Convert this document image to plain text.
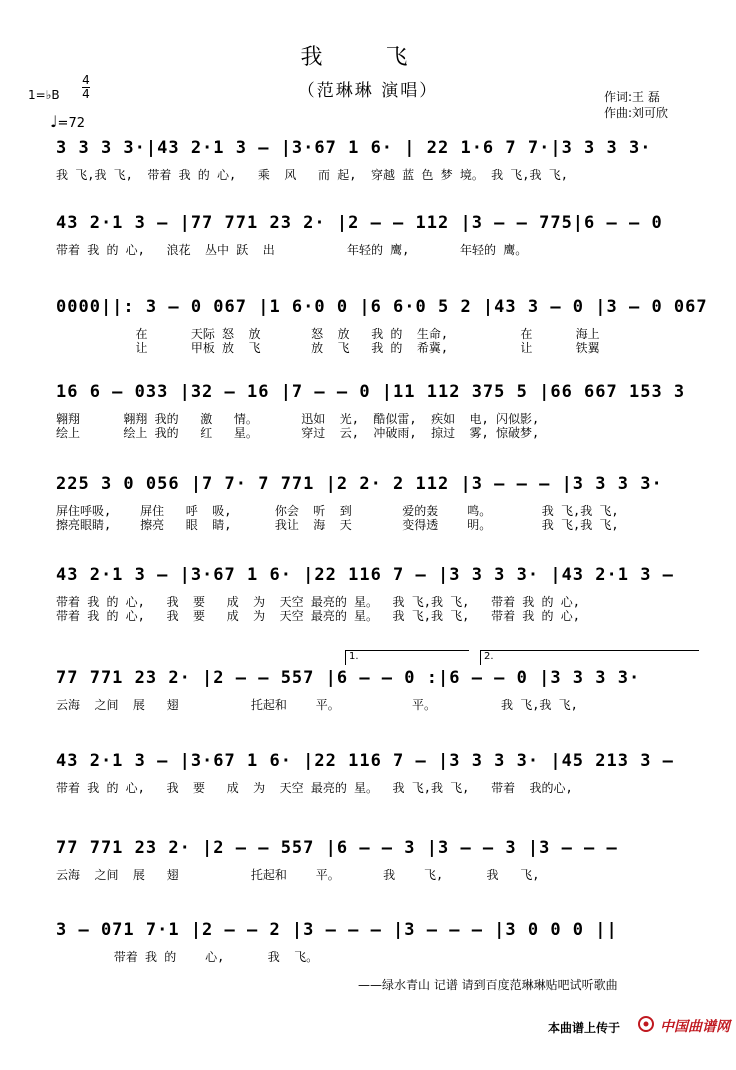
我 飞
（范琳琳 演唱）	作词:王 磊
作曲:刘可欣
1=♭B
4
4
♩=72
3 3 3 3·|43 2·1 3 – |3·67 1 6· | 22 1·6 7 7·|3 3 3 3·
我 飞,我 飞,  带着 我 的 心,   乘  风   而 起,  穿越 蓝 色 梦 境。 我 飞,我 飞,
43 2·1 3 – |77 771 23 2· |2 – – 112 |3 – – 775|6 – – 0
带着 我 的 心,   浪花  丛中 跃  出          年轻的 鹰,       年轻的 鹰。
0000||: 3 – 0 067 |1 6·0 0 |6 6·0 5 2 |43 3 – 0 |3 – 0 067
在      天际 怒  放       怒  放   我 的  生命,          在      海上
让      甲板 放  飞       放  飞   我 的  希冀,          让      铁翼
16 6 – 033 |32 – 16 |7 – – 0 |11 112 375 5 |66 667 153 3
翱翔      翱翔 我的   激   情。      迅如  光,  酷似雷,  疾如  电, 闪似影,
绘上      绘上 我的   红   星。      穿过  云,  冲破雨,  掠过  雾, 惊破梦,
225 3 0 056 |7 7· 7 771 |2 2· 2 112 |3 – – – |3 3 3 3·
屏住呼吸,    屏住   呼  吸,      你会  听  到       爱的轰    鸣。       我 飞,我 飞,
擦亮眼睛,    擦亮   眼  睛,      我让  海  天       变得透    明。       我 飞,我 飞,
43 2·1 3 – |3·67 1 6· |22 116 7 – |3 3 3 3· |43 2·1 3 –
带着 我 的 心,   我  要   成  为  天空 最亮的 星。  我 飞,我 飞,   带着 我 的 心,
带着 我 的 心,   我  要   成  为  天空 最亮的 星。  我 飞,我 飞,   带着 我 的 心,
1.	2.
77 771 23 2· |2 – – 557 |6 – – 0 :|6 – – 0 |3 3 3 3·
云海  之间  展   翅          托起和    平。          平。         我 飞,我 飞,
43 2·1 3 – |3·67 1 6· |22 116 7 – |3 3 3 3· |45 213 3 –
带着 我 的 心,   我  要   成  为  天空 最亮的 星。  我 飞,我 飞,   带着  我的心,
77 771 23 2· |2 – – 557 |6 – – 3 |3 – – 3 |3 – – –
云海  之间  展   翅          托起和    平。      我    飞,      我   飞,
3 – 071 7·1 |2 – – 2 |3 – – – |3 – – – |3 0 0 0 ||
带着 我 的    心,      我  飞。
——绿水青山 记谱 请到百度范琳琳贴吧试听歌曲
本曲谱上传于	中国曲谱网
